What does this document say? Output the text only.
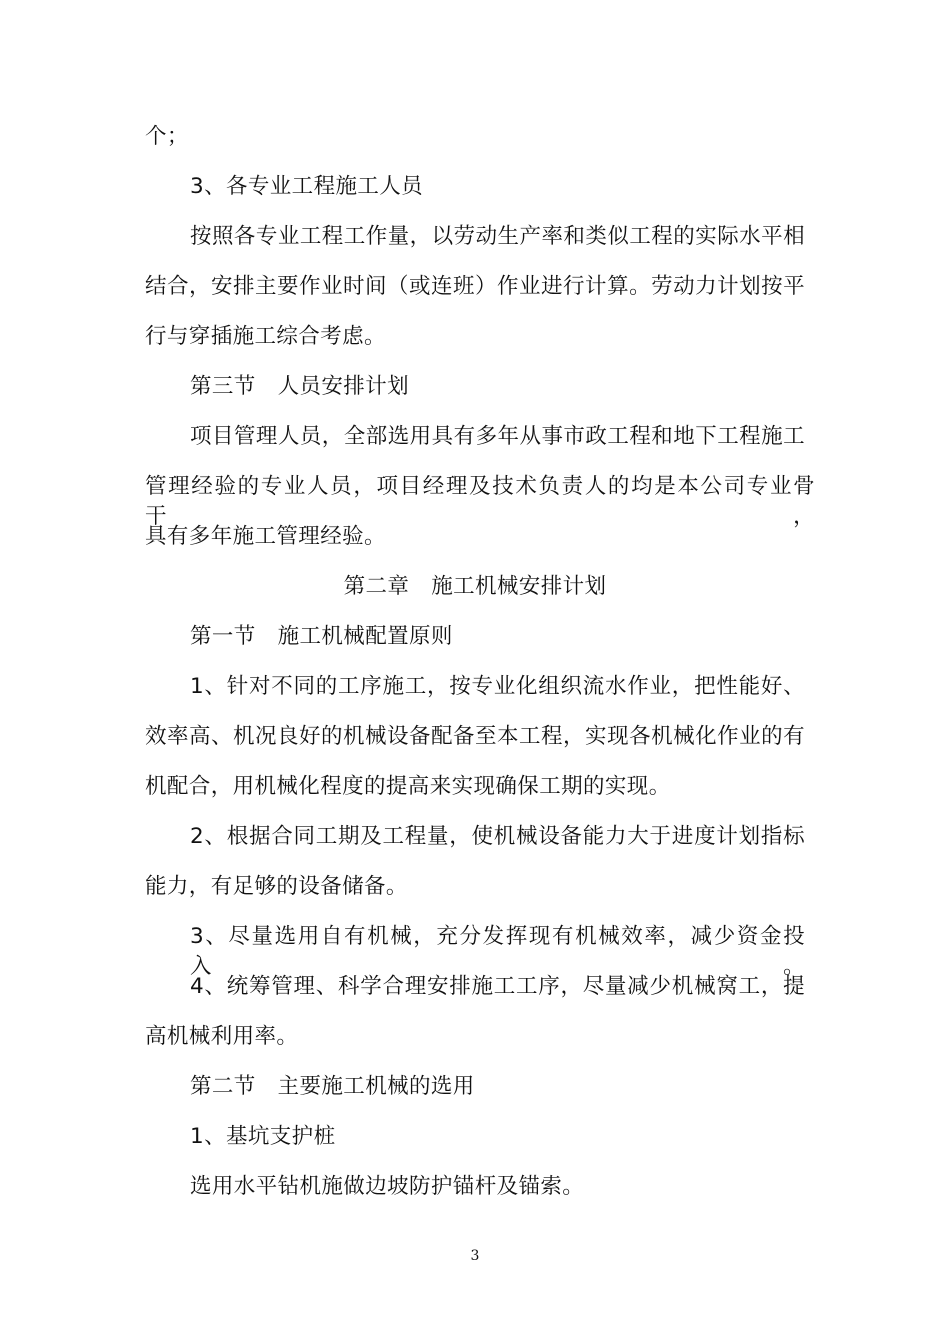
个；
3、各专业工程施工人员
按照各专业工程工作量，以劳动生产率和类似工程的实际水平相
结合，安排主要作业时间（或连班）作业进行计算。劳动力计划按平
行与穿插施工综合考虑。
第三节　人员安排计划
项目管理人员，全部选用具有多年从事市政工程和地下工程施工
管理经验的专业人员，项目经理及技术负责人的均是本公司专业骨干，
具有多年施工管理经验。
第二章　施工机械安排计划
第一节　施工机械配置原则
1、针对不同的工序施工，按专业化组织流水作业，把性能好、
效率高、机况良好的机械设备配备至本工程，实现各机械化作业的有
机配合，用机械化程度的提高来实现确保工期的实现。
2、根据合同工期及工程量，使机械设备能力大于进度计划指标
能力，有足够的设备储备。
3、尽量选用自有机械，充分发挥现有机械效率，减少资金投入。
4、统筹管理、科学合理安排施工工序，尽量减少机械窝工，提
高机械利用率。
第二节　主要施工机械的选用
1、基坑支护桩
选用水平钻机施做边坡防护锚杆及锚索。
3
